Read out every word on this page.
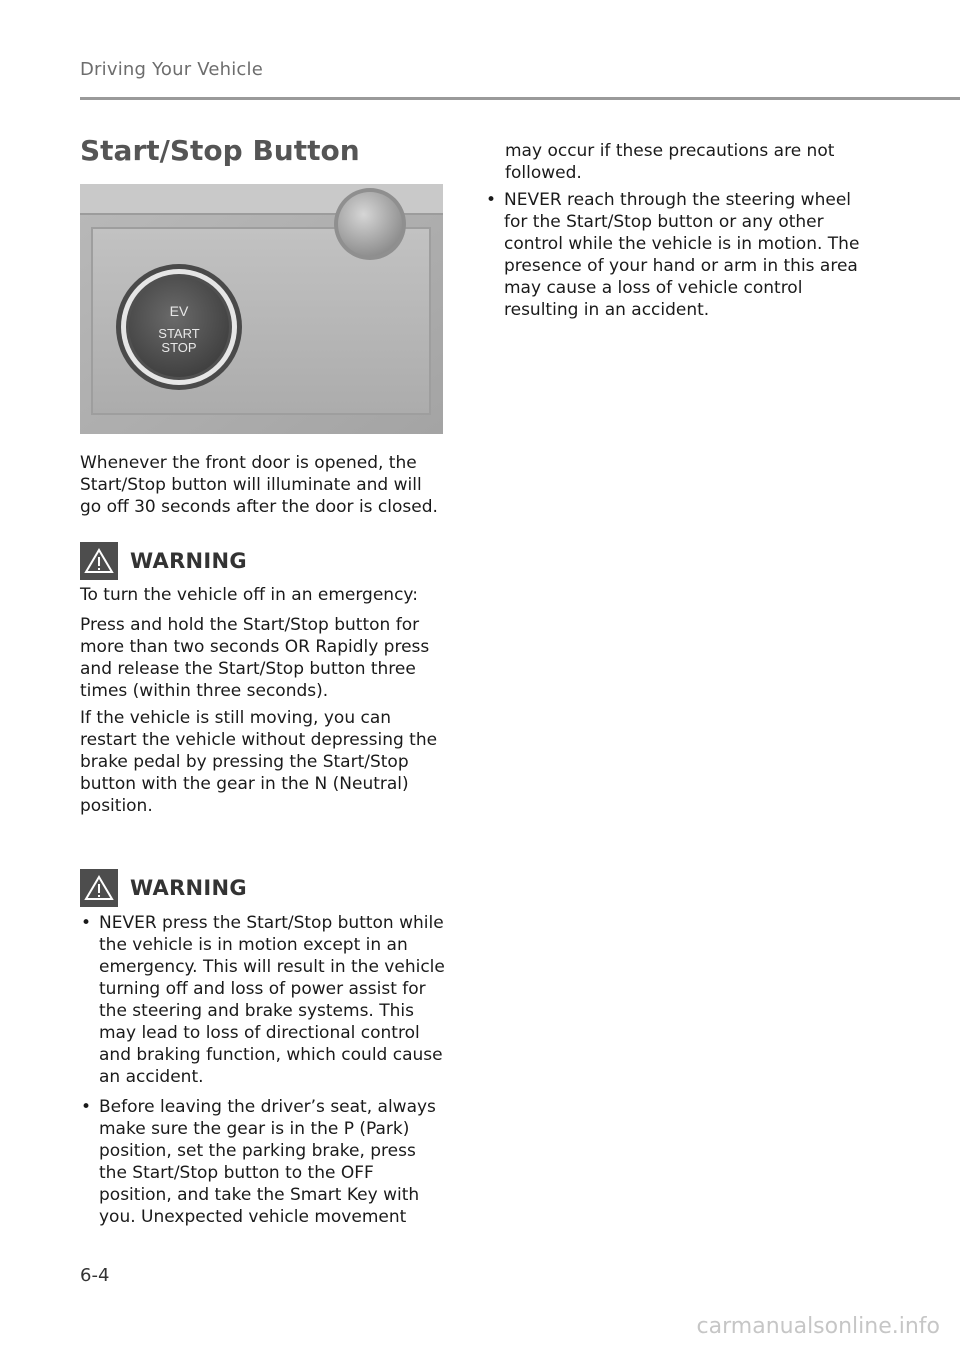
Driving Your Vehicle
Start/Stop Button
EV
START
STOP

Whenever the front door is opened, the Start/Stop button will illuminate and will go off 30 seconds after the door is closed.

WARNING

To turn the vehicle off in an emergency:

Press and hold the Start/Stop button for more than two seconds OR Rapidly press and release the Start/Stop button three times (within three seconds).

If the vehicle is still moving, you can restart the vehicle without depressing the brake pedal by pressing the Start/Stop button with the gear in the N (Neutral) position.

WARNING
• NEVER press the Start/Stop button while the vehicle is in motion except in an emergency. This will result in the vehicle turning off and loss of power assist for the steering and brake systems. This may lead to loss of directional control and braking function, which could cause an accident.
• Before leaving the driver’s seat, always make sure the gear is in the P (Park) position, set the parking brake, press the Start/Stop button to the OFF position, and take the Smart Key with you. Unexpected vehicle movement

may occur if these precautions are not followed.

• NEVER reach through the steering wheel for the Start/Stop button or any other control while the vehicle is in motion. The presence of your hand or arm in this area may cause a loss of vehicle control resulting in an accident.
6-4
carmanualsonline.info
